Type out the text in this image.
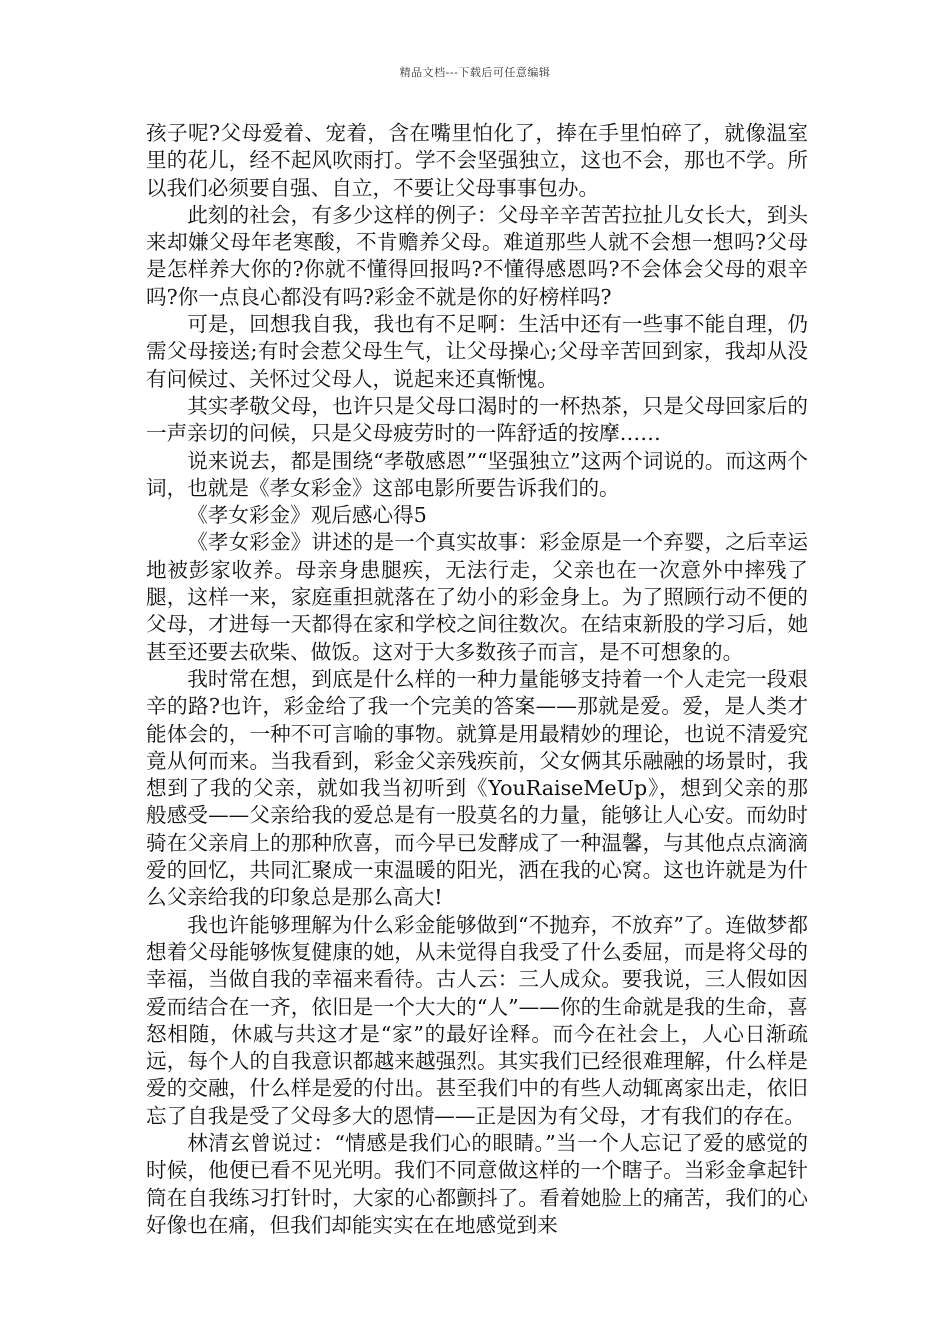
精品文档---下载后可任意编辑

孩子呢?父母爱着、宠着，含在嘴里怕化了，捧在手里怕碎了，就像温室里的花儿，经不起风吹雨打。学不会坚强独立，这也不会，那也不学。所以我们必须要自强、自立，不要让父母事事包办。

此刻的社会，有多少这样的例子：父母辛辛苦苦拉扯儿女长大，到头来却嫌父母年老寒酸，不肯赡养父母。难道那些人就不会想一想吗?父母是怎样养大你的?你就不懂得回报吗?不懂得感恩吗?不会体会父母的艰辛吗?你一点良心都没有吗?彩金不就是你的好榜样吗?

可是，回想我自我，我也有不足啊：生活中还有一些事不能自理，仍需父母接送;有时会惹父母生气，让父母操心;父母辛苦回到家，我却从没有问候过、关怀过父母人，说起来还真惭愧。

其实孝敬父母，也许只是父母口渴时的一杯热茶，只是父母回家后的一声亲切的问候，只是父母疲劳时的一阵舒适的按摩……

说来说去，都是围绕“孝敬感恩”“坚强独立”这两个词说的。而这两个词，也就是《孝女彩金》这部电影所要告诉我们的。

《孝女彩金》观后感心得5

《孝女彩金》讲述的是一个真实故事：彩金原是一个弃婴，之后幸运地被彭家收养。母亲身患腿疾，无法行走，父亲也在一次意外中摔残了腿，这样一来，家庭重担就落在了幼小的彩金身上。为了照顾行动不便的父母，才进每一天都得在家和学校之间往数次。在结束新股的学习后，她甚至还要去砍柴、做饭。这对于大多数孩子而言，是不可想象的。

我时常在想，到底是什么样的一种力量能够支持着一个人走完一段艰辛的路?也许，彩金给了我一个完美的答案——那就是爱。爱，是人类才能体会的，一种不可言喻的事物。就算是用最精妙的理论，也说不清爱究竟从何而来。当我看到，彩金父亲残疾前，父女俩其乐融融的场景时，我想到了我的父亲，就如我当初听到《YouRaiseMeUp》，想到父亲的那般感受——父亲给我的爱总是有一股莫名的力量，能够让人心安。而幼时骑在父亲肩上的那种欣喜，而今早已发酵成了一种温馨，与其他点点滴滴爱的回忆，共同汇聚成一束温暖的阳光，洒在我的心窝。这也许就是为什么父亲给我的印象总是那么高大!

我也许能够理解为什么彩金能够做到“不抛弃，不放弃”了。连做梦都想着父母能够恢复健康的她，从未觉得自我受了什么委屈，而是将父母的幸福，当做自我的幸福来看待。古人云：三人成众。要我说，三人假如因爱而结合在一齐，依旧是一个大大的“人”——你的生命就是我的生命，喜怒相随，休戚与共这才是“家”的最好诠释。而今在社会上，人心日渐疏远，每个人的自我意识都越来越强烈。其实我们已经很难理解，什么样是爱的交融，什么样是爱的付出。甚至我们中的有些人动辄离家出走，依旧忘了自我是受了父母多大的恩情——正是因为有父母，才有我们的存在。

林清玄曾说过：“情感是我们心的眼睛。”当一个人忘记了爱的感觉的时候，他便已看不见光明。我们不同意做这样的一个瞎子。当彩金拿起针筒在自我练习打针时，大家的心都颤抖了。看着她脸上的痛苦，我们的心好像也在痛，但我们却能实实在在地感觉到来
